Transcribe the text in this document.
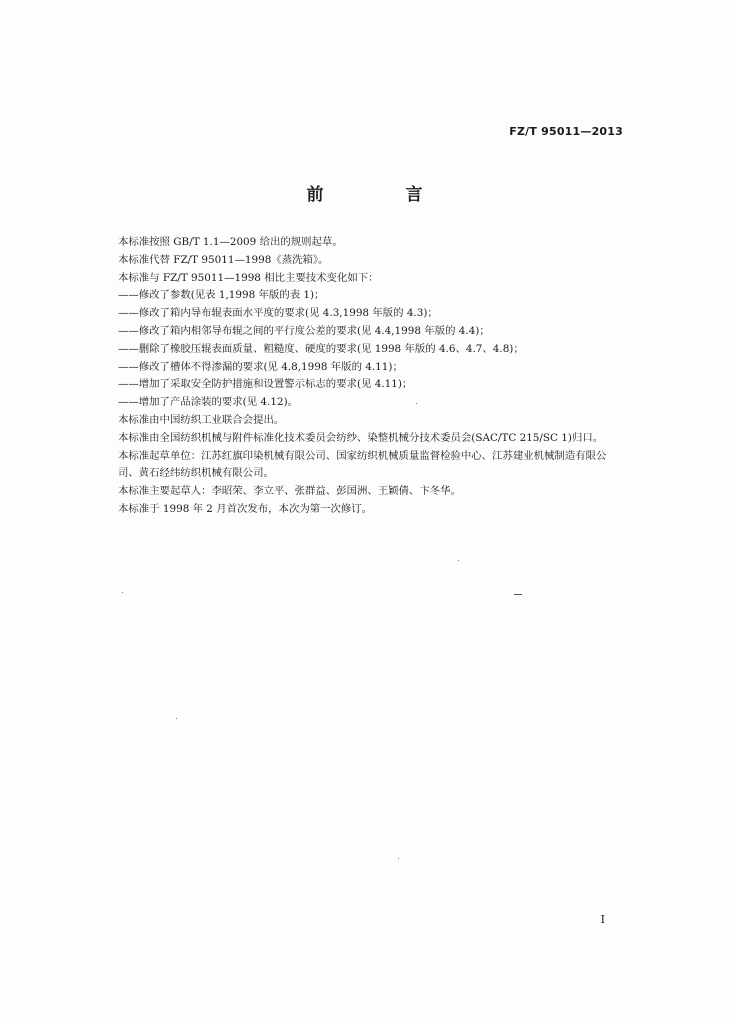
FZ/T 95011—2013
前 言

本标准按照 GB/T 1.1—2009 给出的规则起草。

本标准代替 FZ/T 95011—1998《蒸洗箱》。

本标准与 FZ/T 95011—1998 相比主要技术变化如下：

——修改了参数(见表 1,1998 年版的表 1)；

——修改了箱内导布辊表面水平度的要求(见 4.3,1998 年版的 4.3)；

——修改了箱内相邻导布辊之间的平行度公差的要求(见 4.4,1998 年版的 4.4)；

——删除了橡胶压辊表面质量、粗糙度、硬度的要求(见 1998 年版的 4.6、4.7、4.8)；

——修改了槽体不得渗漏的要求(见 4.8,1998 年版的 4.11)；

——增加了采取安全防护措施和设置警示标志的要求(见 4.11)；

——增加了产品涂装的要求(见 4.12)。

本标准由中国纺织工业联合会提出。

本标准由全国纺织机械与附件标准化技术委员会纺纱、染整机械分技术委员会(SAC/TC 215/SC 1)归口。

本标准起草单位：江苏红旗印染机械有限公司、国家纺织机械质量监督检验中心、江苏建业机械制造有限公司、黄石经纬纺织机械有限公司。

本标准主要起草人：李昭荣、李立平、张群益、彭国洲、王颖倩、卞冬华。

本标准于 1998 年 2 月首次发布，本次为第一次修订。

I
